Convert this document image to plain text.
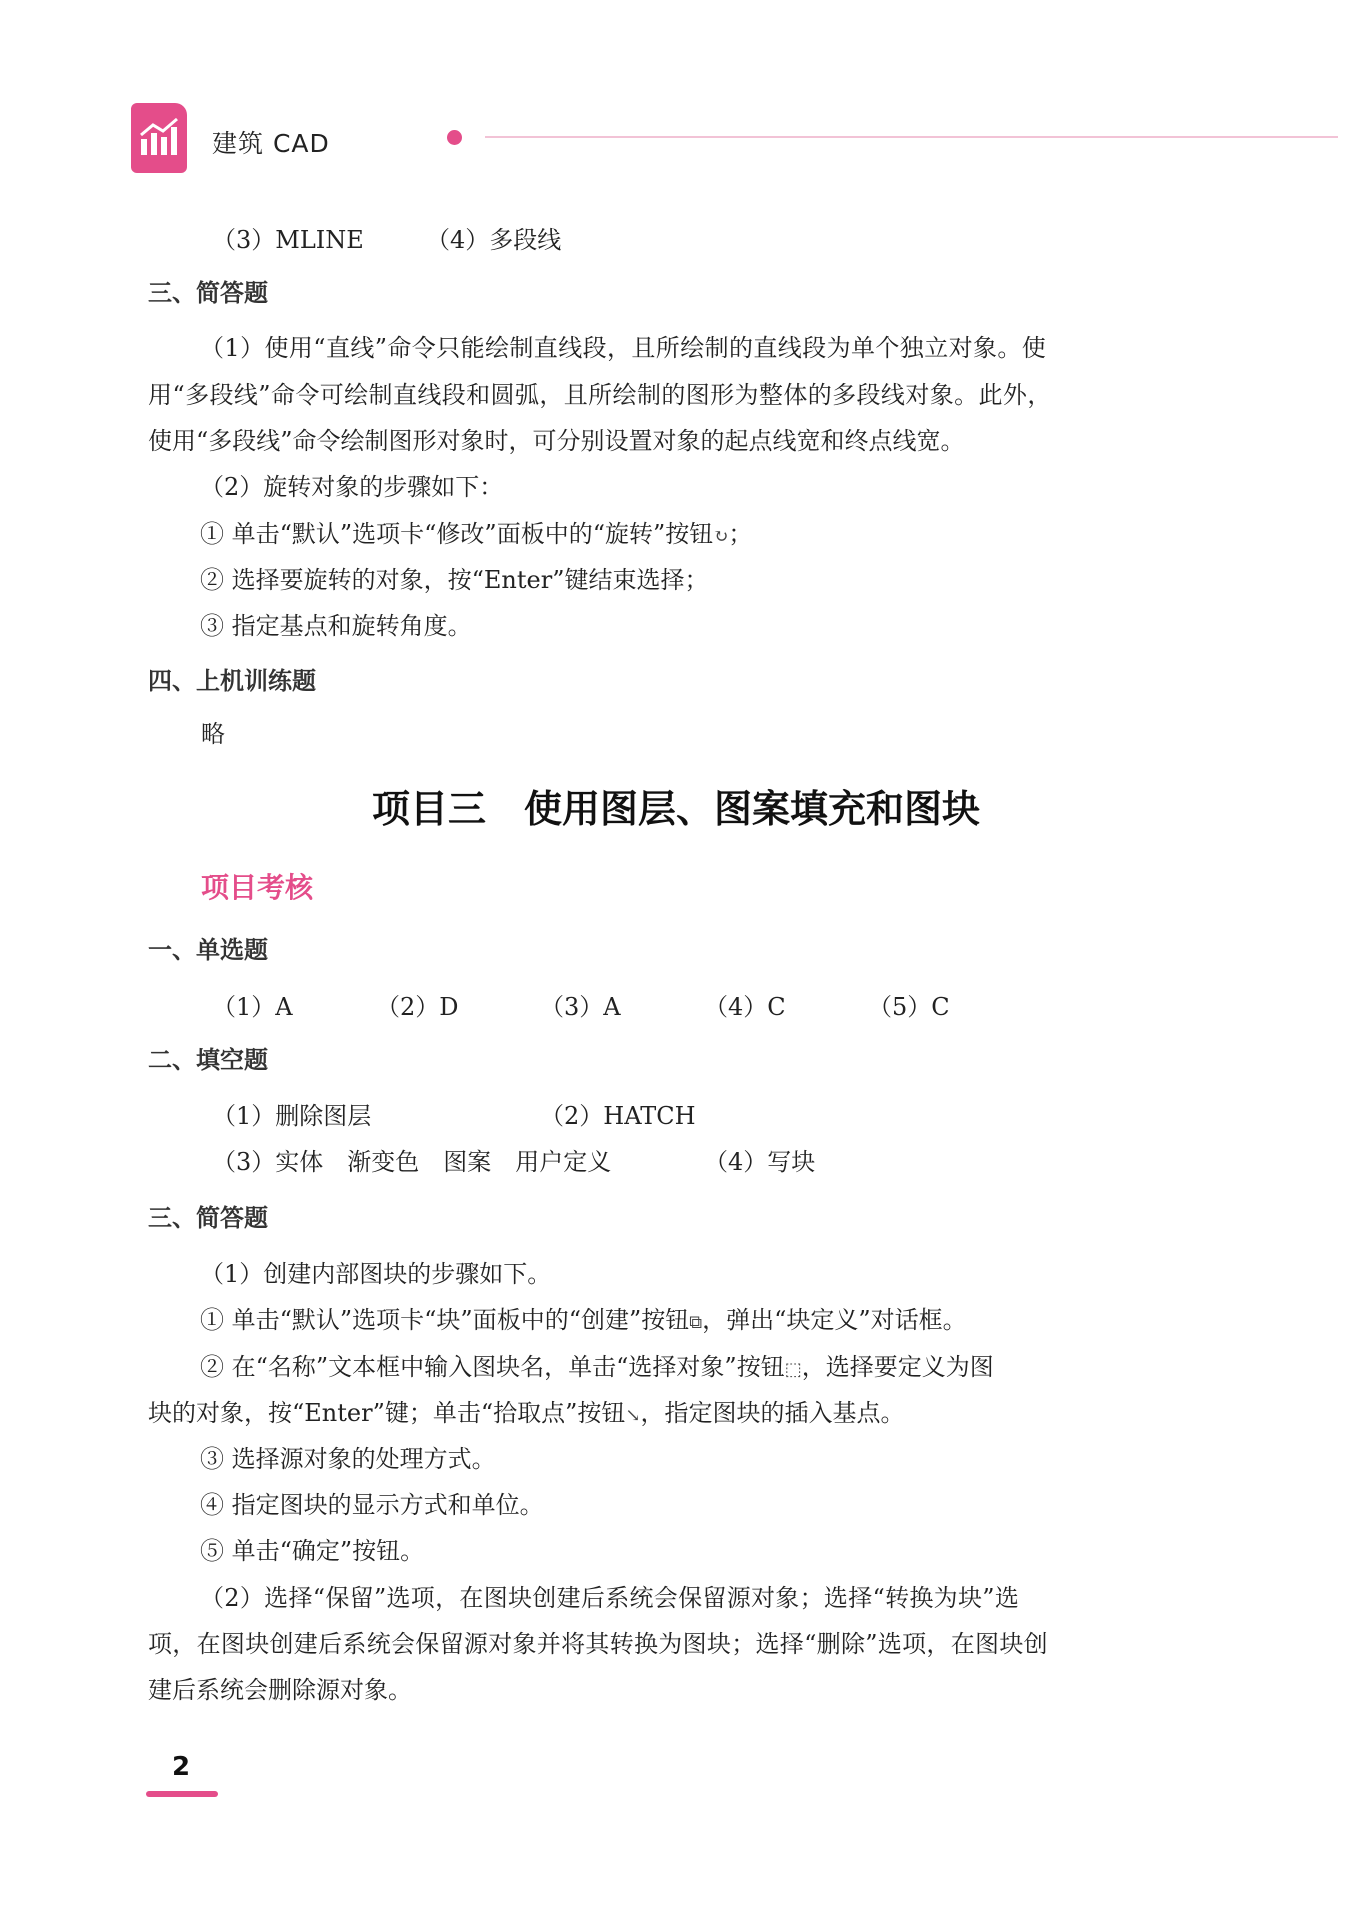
建筑 CAD
（3）MLINE	（4）多段线
三、简答题
（1）使用“直线”命令只能绘制直线段，且所绘制的直线段为单个独立对象。使
用“多段线”命令可绘制直线段和圆弧，且所绘制的图形为整体的多段线对象。此外，
使用“多段线”命令绘制图形对象时，可分别设置对象的起点线宽和终点线宽。
（2）旋转对象的步骤如下：
① 单击“默认”选项卡“修改”面板中的“旋转”按钮↻；
② 选择要旋转的对象，按“Enter”键结束选择；
③ 指定基点和旋转角度。
四、上机训练题
略
项目三　使用图层、图案填充和图块
项目考核
一、单选题
（1）A	（2）D	（3）A	（4）C	（5）C
二、填空题
（1）删除图层	（2）HATCH
（3）实体　渐变色　图案　用户定义	（4）写块
三、简答题
（1）创建内部图块的步骤如下。
① 单击“默认”选项卡“块”面板中的“创建”按钮⧉，弹出“块定义”对话框。
② 在“名称”文本框中输入图块名，单击“选择对象”按钮⬚，选择要定义为图
块的对象，按“Enter”键；单击“拾取点”按钮↘，指定图块的插入基点。
③ 选择源对象的处理方式。
④ 指定图块的显示方式和单位。
⑤ 单击“确定”按钮。
（2）选择“保留”选项，在图块创建后系统会保留源对象；选择“转换为块”选
项，在图块创建后系统会保留源对象并将其转换为图块；选择“删除”选项，在图块创
建后系统会删除源对象。
2
